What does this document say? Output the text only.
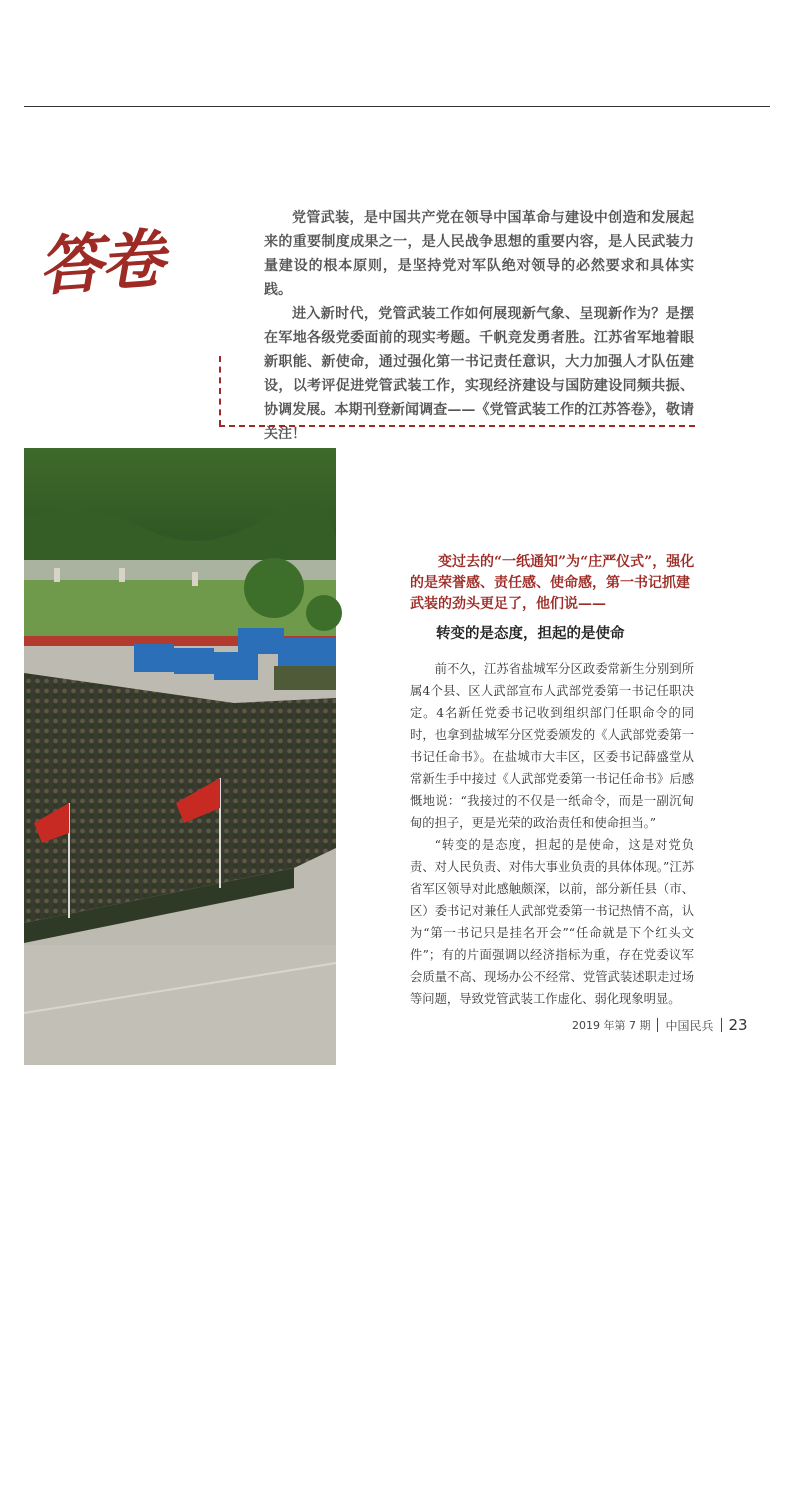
答卷

党管武装，是中国共产党在领导中国革命与建设中创造和发展起来的重要制度成果之一，是人民战争思想的重要内容，是人民武装力量建设的根本原则，是坚持党对军队绝对领导的必然要求和具体实践。

进入新时代，党管武装工作如何展现新气象、呈现新作为？是摆在军地各级党委面前的现实考题。千帆竞发勇者胜。江苏省军地着眼新职能、新使命，通过强化第一书记责任意识，大力加强人才队伍建设，以考评促进党管武装工作，实现经济建设与国防建设同频共振、协调发展。本期刊登新闻调查——《党管武装工作的江苏答卷》，敬请关注！

民兵集结拉动演练。

变过去的“一纸通知”为“庄严仪式”，强化的是荣誉感、责任感、使命感，第一书记抓建武装的劲头更足了，他们说——

转变的是态度，担起的是使命

前不久，江苏省盐城军分区政委常新生分别到所属4个县、区人武部宣布人武部党委第一书记任职决定。4名新任党委书记收到组织部门任职命令的同时，也拿到盐城军分区党委颁发的《人武部党委第一书记任命书》。在盐城市大丰区，区委书记薛盛堂从常新生手中接过《人武部党委第一书记任命书》后感慨地说：“我接过的不仅是一纸命令，而是一副沉甸甸的担子，更是光荣的政治责任和使命担当。”

“转变的是态度，担起的是使命，这是对党负责、对人民负责、对伟大事业负责的具体体现。”江苏省军区领导对此感触颇深，以前，部分新任县（市、区）委书记对兼任人武部党委第一书记热情不高，认为“第一书记只是挂名开会”“任命就是下个红头文件”；有的片面强调以经济指标为重，存在党委议军会质量不高、现场办公不经常、党管武装述职走过场等问题，导致党管武装工作虚化、弱化现象明显。

2019 年第 7 期 中国民兵 23
